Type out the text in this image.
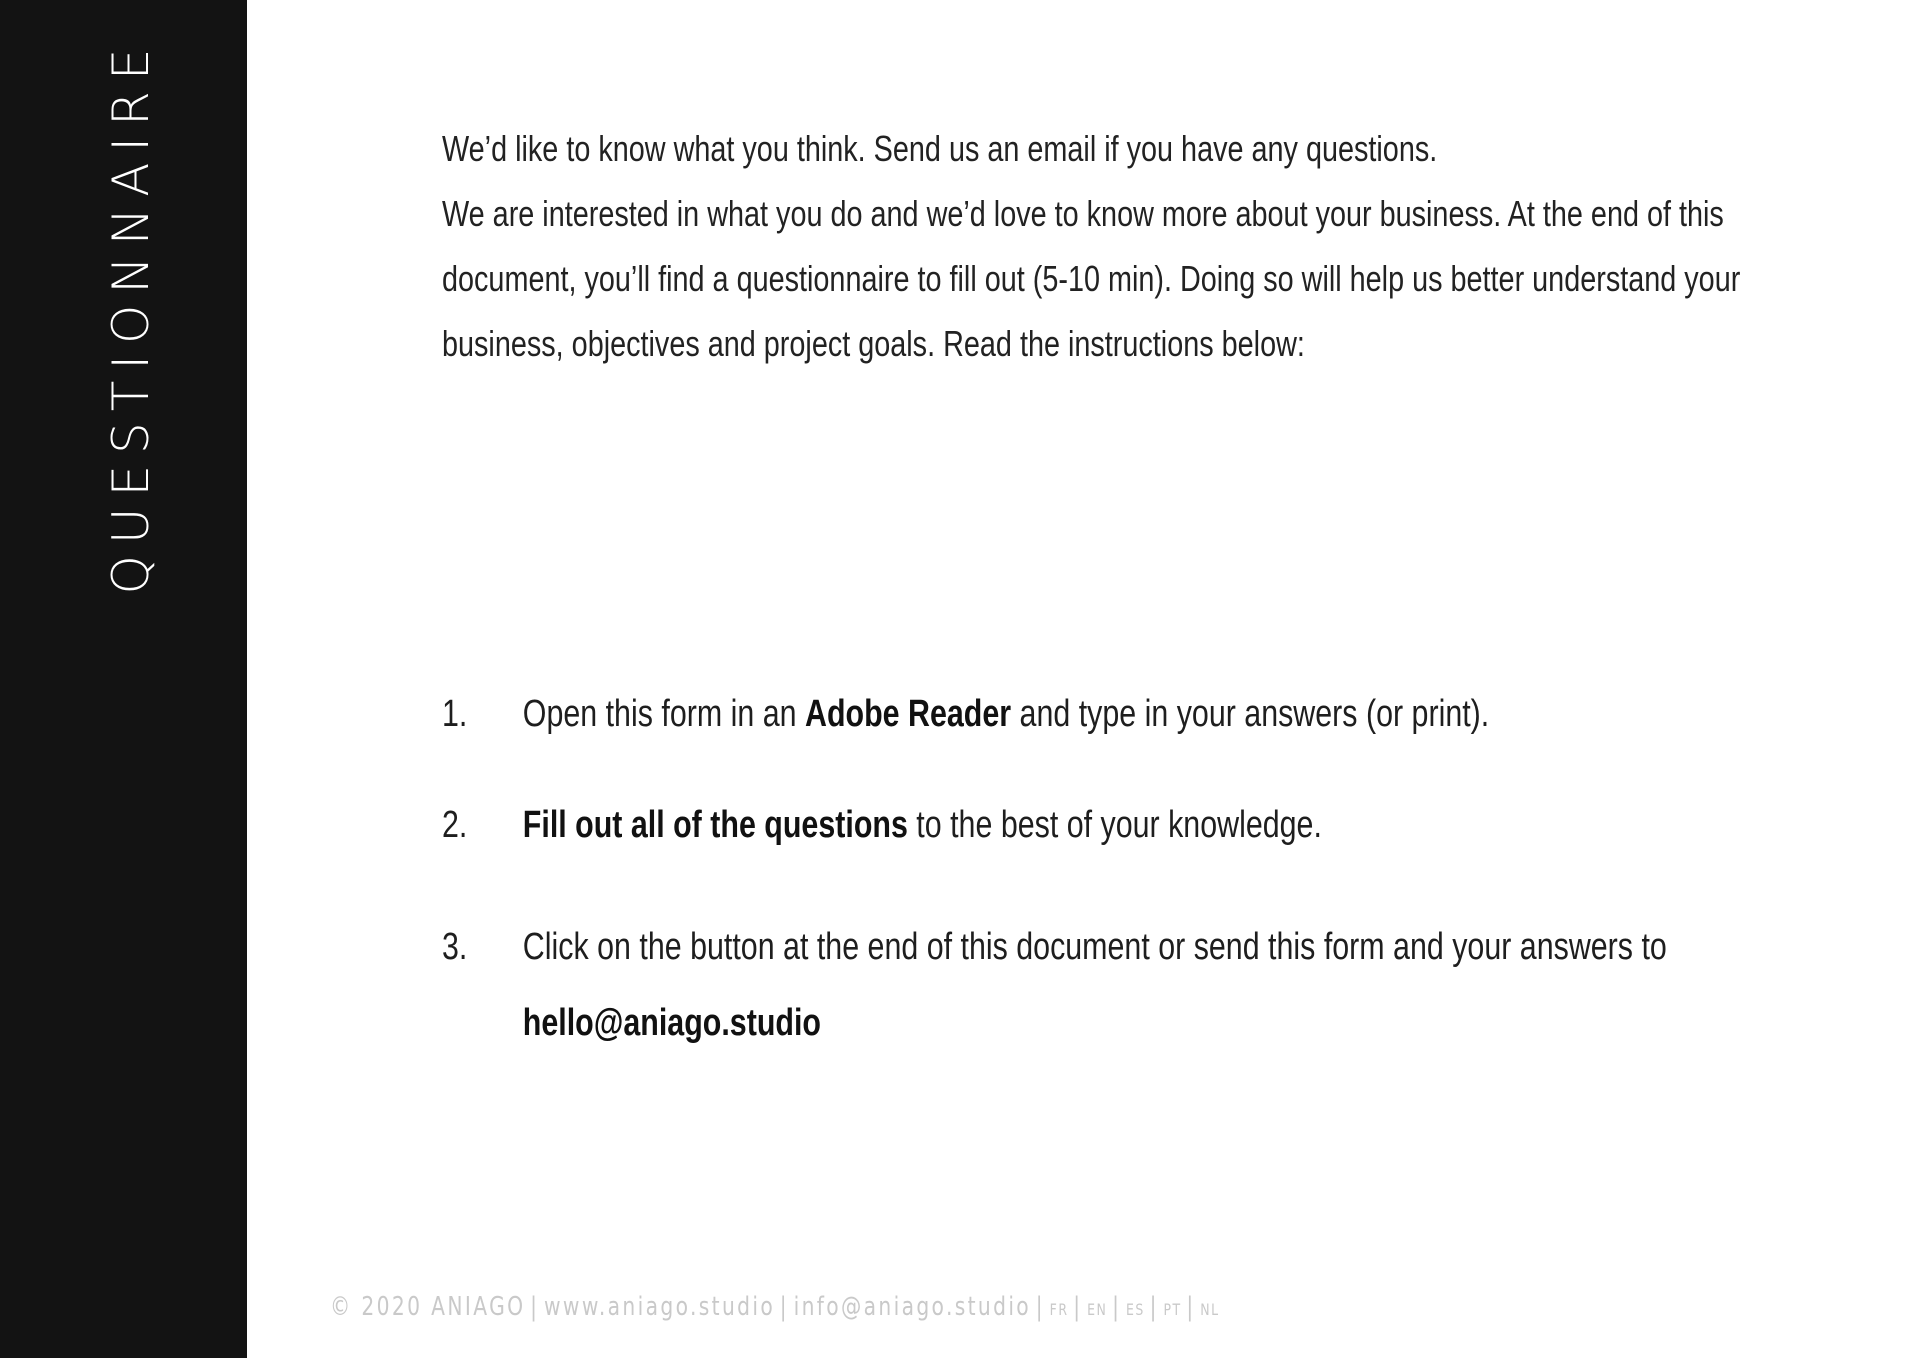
QUESTIONNAIRE	We’d like to know what you think. Send us an email if you have any questions.

We are interested in what you do and we’d love to know more about your business. At the end of this document, you’ll find a questionnaire to fill out (5-10 min). Doing so will help us better understand your business, objectives and project goals. Read the instructions below:

1.	Open this form in an Adobe Reader and type in your answers (or print).
2.	Fill out all of the questions to the best of your knowledge.
3.	Click on the button at the end of this document or send this form and your answers to
hello@aniago.studio
© 2020 ANIAGO | www.aniago.studio | info@aniago.studio | FR | EN | ES | PT | NL
